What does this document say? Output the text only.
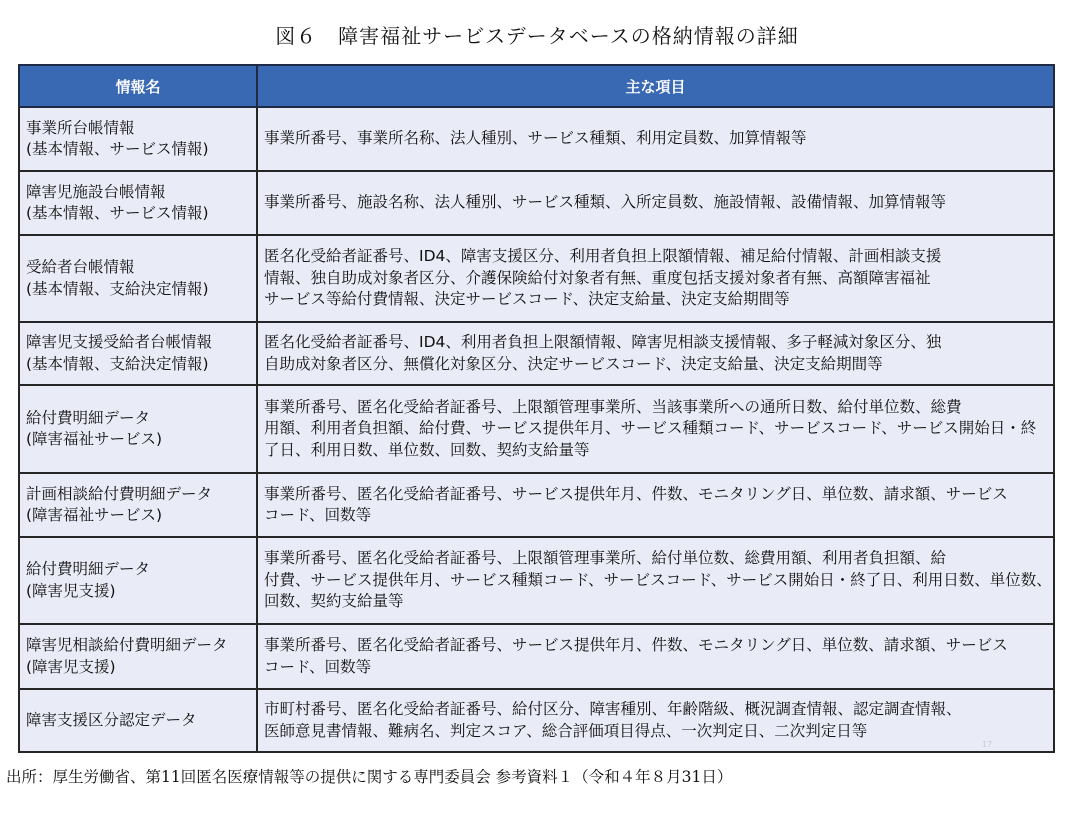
図６　障害福祉サービスデータベースの格納情報の詳細
情報名	主な項目

事業所台帳情報
(基本情報、サービス情報)	事業所番号、事業所名称、法人種別、サービス種類、利用定員数、加算情報等

障害児施設台帳情報
(基本情報、サービス情報)	事業所番号、施設名称、法人種別、サービス種類、入所定員数、施設情報、設備情報、加算情報等

受給者台帳情報
(基本情報、支給決定情報)	匿名化受給者証番号、ID4、障害支援区分、利用者負担上限額情報、補足給付情報、計画相談支援
情報、独自助成対象者区分、介護保険給付対象者有無、重度包括支援対象者有無、高額障害福祉
サービス等給付費情報、決定サービスコード、決定支給量、決定支給期間等

障害児支援受給者台帳情報
(基本情報、支給決定情報)	匿名化受給者証番号、ID4、利用者負担上限額情報、障害児相談支援情報、多子軽減対象区分、独
自助成対象者区分、無償化対象区分、決定サービスコード、決定支給量、決定支給期間等

給付費明細データ
(障害福祉サービス)	事業所番号、匿名化受給者証番号、上限額管理事業所、当該事業所への通所日数、給付単位数、総費
用額、利用者負担額、給付費、サービス提供年月、サービス種類コード、サービスコード、サービス開始日・終
了日、利用日数、単位数、回数、契約支給量等

計画相談給付費明細データ
(障害福祉サービス)	事業所番号、匿名化受給者証番号、サービス提供年月、件数、モニタリング日、単位数、請求額、サービス
コード、回数等

給付費明細データ
(障害児支援)	事業所番号、匿名化受給者証番号、上限額管理事業所、給付単位数、総費用額、利用者負担額、給
付費、サービス提供年月、サービス種類コード、サービスコード、サービス開始日・終了日、利用日数、単位数、
回数、契約支給量等

障害児相談給付費明細データ
(障害児支援)	事業所番号、匿名化受給者証番号、サービス提供年月、件数、モニタリング日、単位数、請求額、サービス
コード、回数等

障害支援区分認定データ	市町村番号、匿名化受給者証番号、給付区分、障害種別、年齢階級、概況調査情報、認定調査情報、
医師意見書情報、難病名、判定スコア、総合評価項目得点、一次判定日、二次判定日等
17
出所：厚生労働省、第11回匿名医療情報等の提供に関する専門委員会 参考資料１（令和４年８月31日）
